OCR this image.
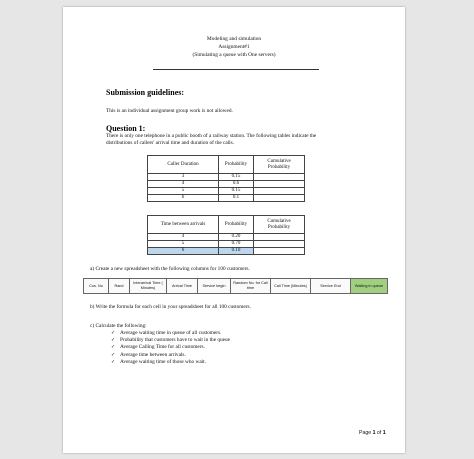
Modeling and simulation
Assignment#1
(Simulating a queue with One servers)
Submission guidelines:
This is an individual assignment group work is not allowed.
Question 1:
There is only one telephone in a public booth of a railway station. The following tables indicate the
distributions of callers' arrival time and duration of the calls.
Caller Duration	Probability	Cumulative Probability
3	0.15	
4	0.6	
5	0.15	
6	0.1	
Time between arrivals	Probability	Cumulative Probability
4	0.20	
5	0.70	
6	0.10	
a) Create a new spreadsheet with the following columns for 100 customers.
Cus. No	Rand	Interarrival Time ( Minutes)	Arrival Time	Service begin	Random No. for Call time	Call Time (Minutes)	Service End	Waiting in queue
b) Write the formula for each cell in your spreadsheet for all 100 customers.
c) Calculate the following:
✓ Average waiting time in queue of all customers.
✓ Probability that customers have to wait in the queue
✓ Average Calling Time for all customers.
✓ Average time between arrivals.
✓ Average waiting time of those who wait.
Page 1 of 1
